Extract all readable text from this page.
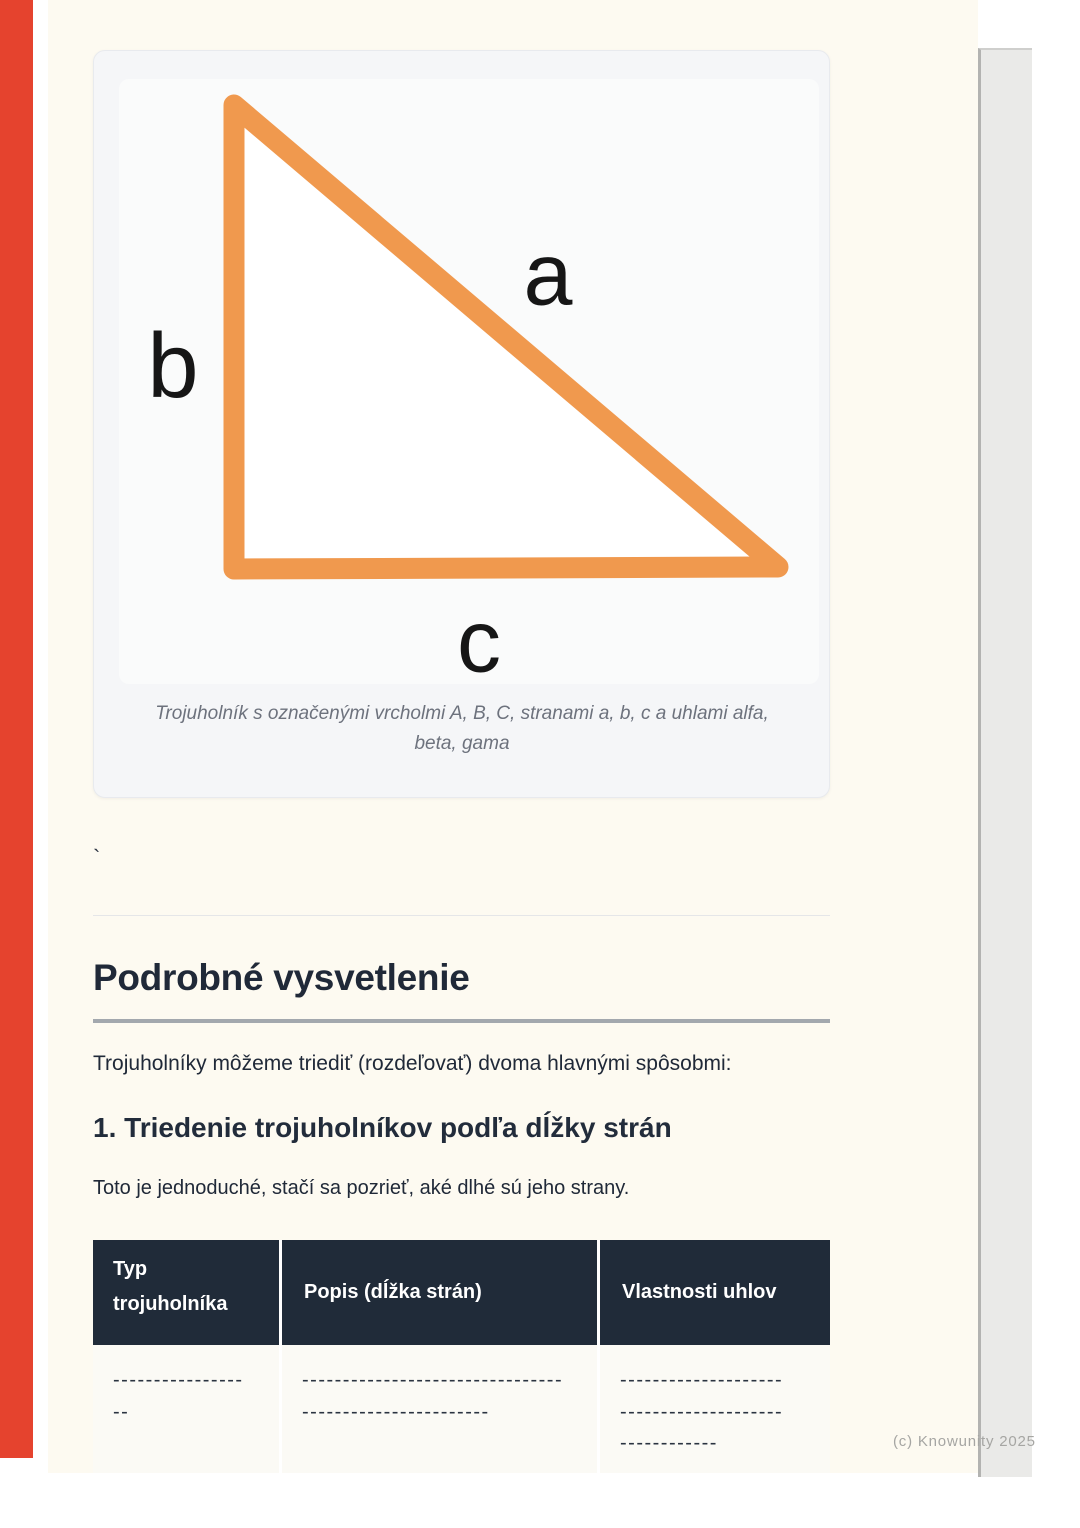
a
b
c
Trojuholník s označenými vrcholmi A, B, C, stranami a, b, c a uhlami alfa,
beta, gama
`
Podrobné vysvetlenie
Trojuholníky môžeme triediť (rozdeľovať) dvoma hlavnými spôsobmi:
1. Triedenie trojuholníkov podľa dĺžky strán
Toto je jednoduché, stačí sa pozrieť, aké dlhé sú jeho strany.
Typ trojuholníka
Popis (dĺžka strán)	Vlastnosti uhlov
----------------
--
--------------------------------
-----------------------
--------------------
--------------------
------------	(c) Knowunity 2025
